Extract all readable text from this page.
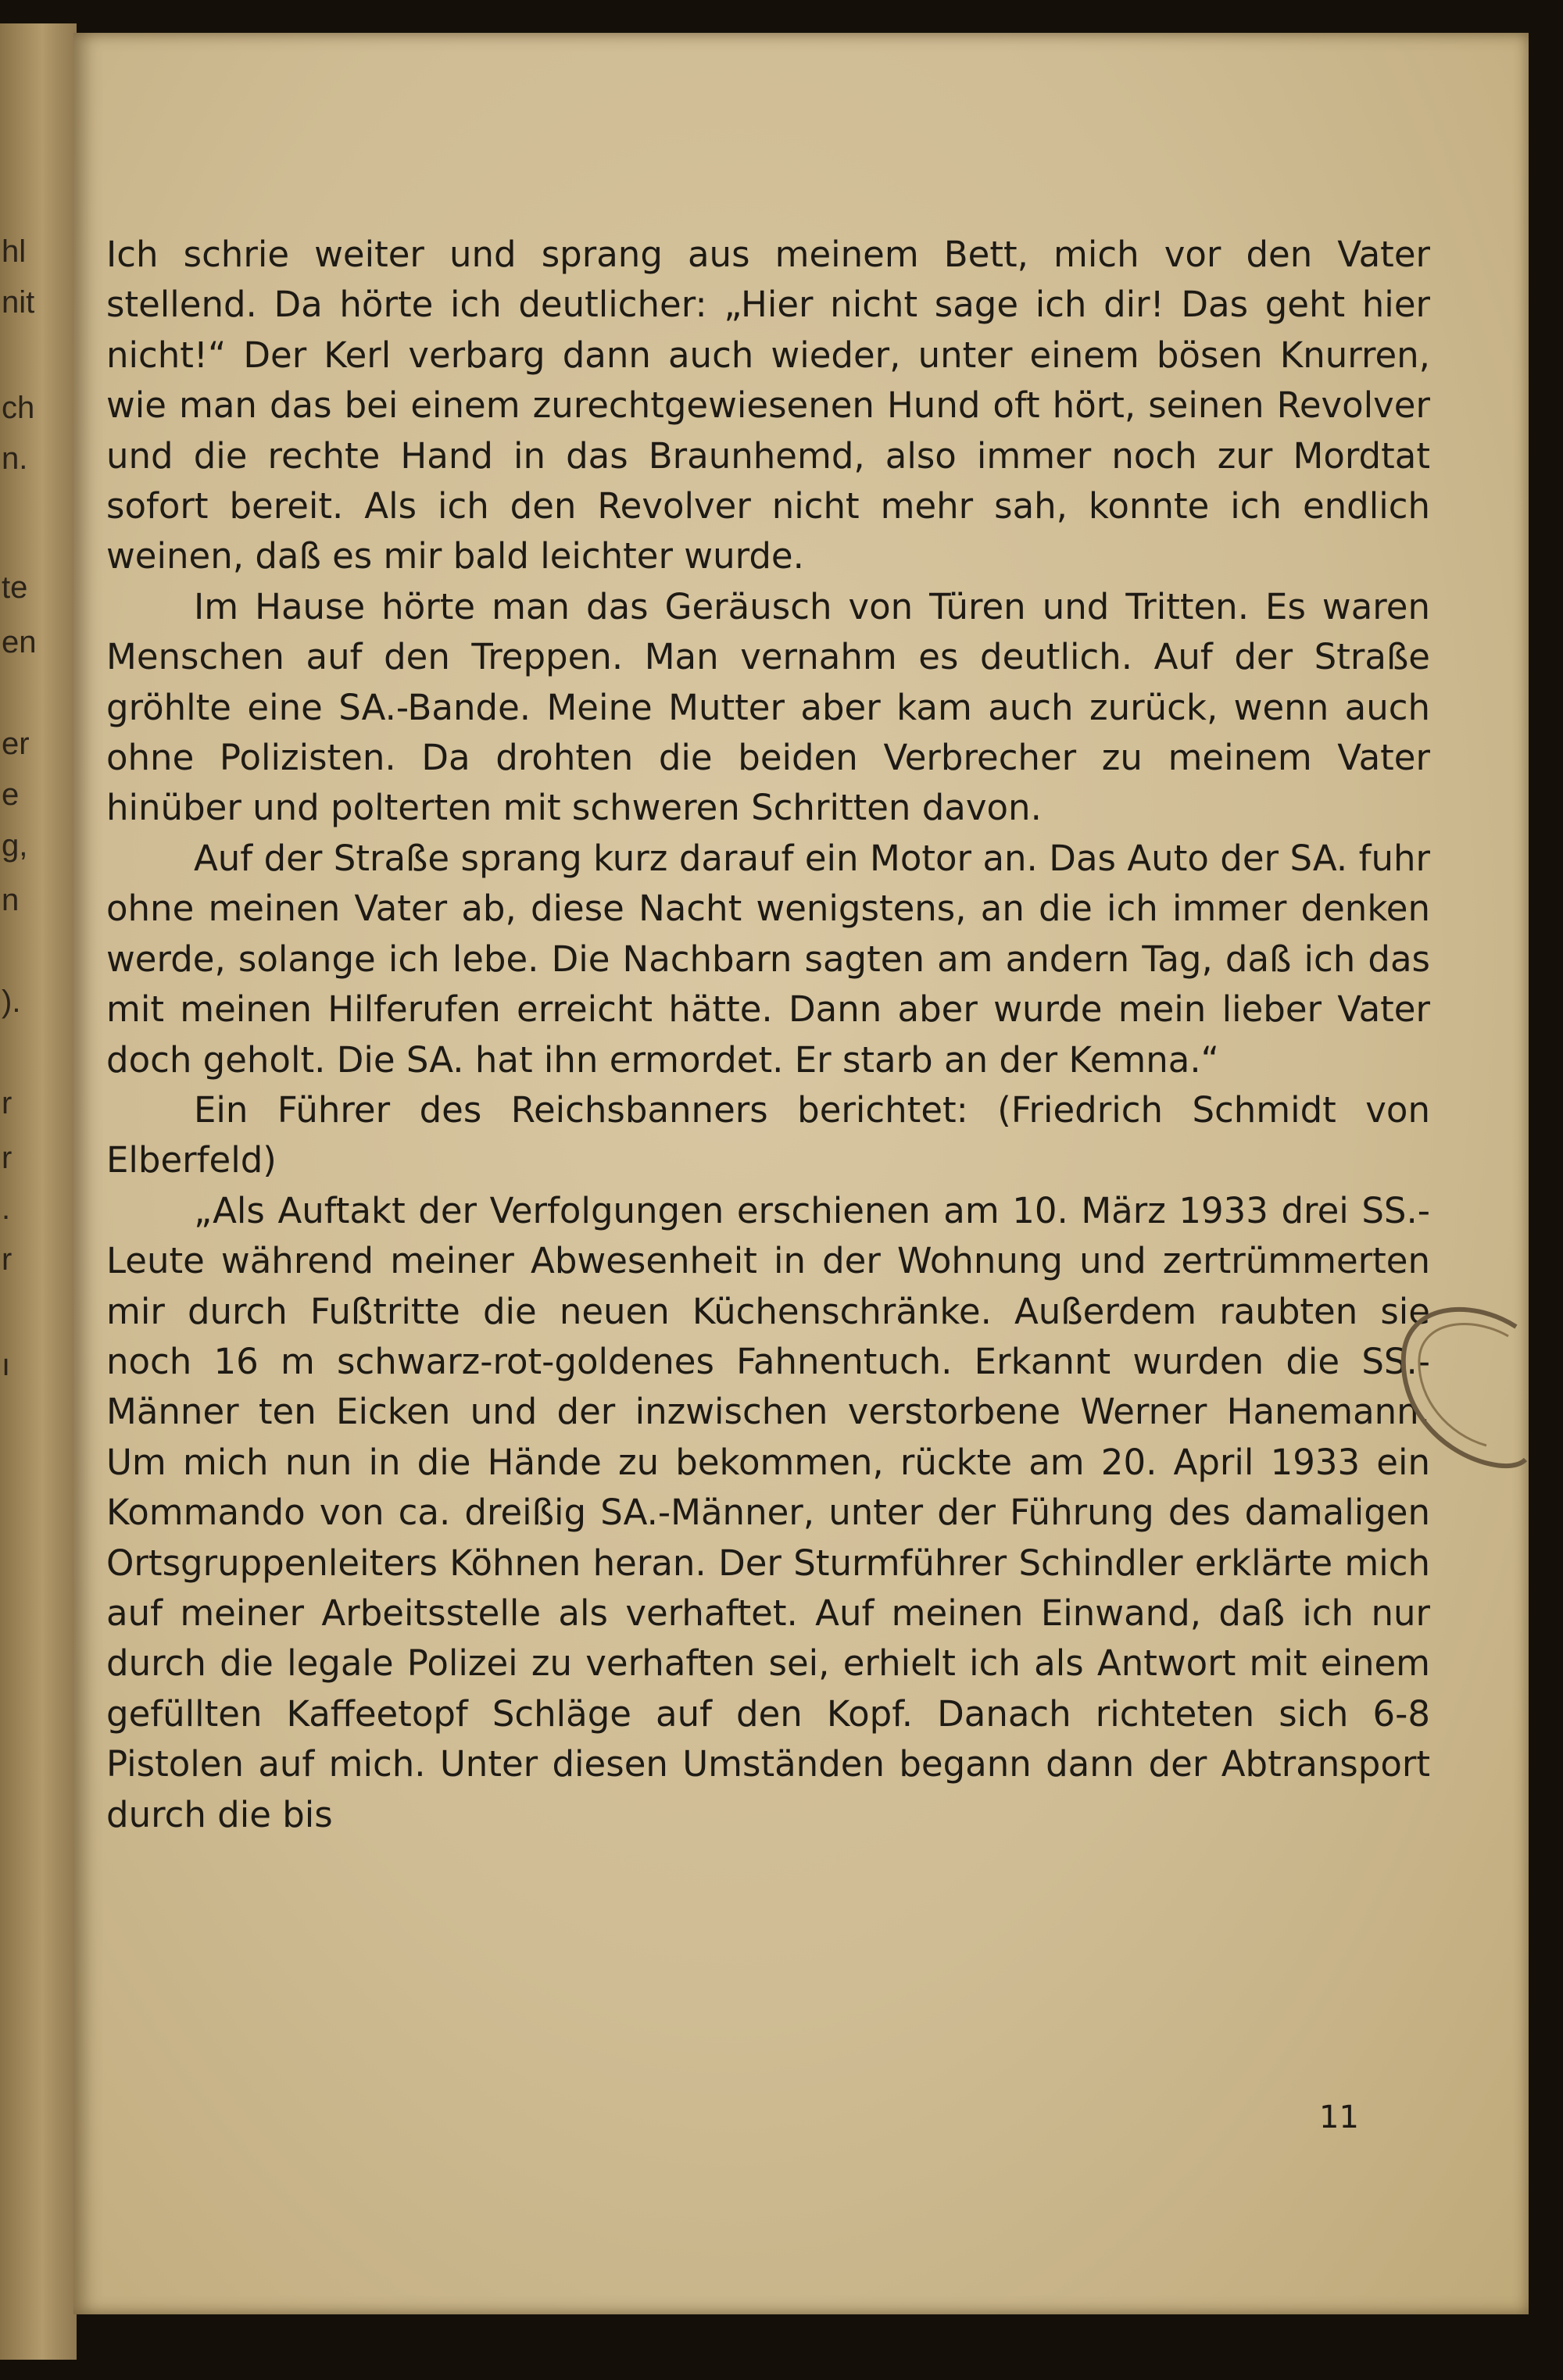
hl
nit
ch
n.
te
en
er
e
g,
n
).
r
r
.
r
ı

Ich schrie weiter und sprang aus meinem Bett, mich vor den Vater stellend. Da hörte ich deutlicher: „Hier nicht sage ich dir! Das geht hier nicht!“ Der Kerl verbarg dann auch wieder, unter einem bösen Knurren, wie man das bei einem zurechtgewiesenen Hund oft hört, seinen Revolver und die rechte Hand in das Braunhemd, also immer noch zur Mordtat sofort bereit. Als ich den Revolver nicht mehr sah, konnte ich endlich weinen, daß es mir bald leichter wurde.

Im Hause hörte man das Geräusch von Türen und Tritten. Es waren Menschen auf den Treppen. Man vernahm es deutlich. Auf der Straße gröhlte eine SA.-Bande. Meine Mutter aber kam auch zurück, wenn auch ohne Polizisten. Da drohten die beiden Verbrecher zu meinem Vater hinüber und polterten mit schweren Schritten davon.

Auf der Straße sprang kurz darauf ein Motor an. Das Auto der SA. fuhr ohne meinen Vater ab, diese Nacht wenigstens, an die ich immer denken werde, solange ich lebe. Die Nachbarn sagten am andern Tag, daß ich das mit meinen Hilferufen erreicht hätte. Dann aber wurde mein lieber Vater doch geholt. Die SA. hat ihn ermordet. Er starb an der Kemna.“

Ein Führer des Reichsbanners berichtet: (Friedrich Schmidt von Elberfeld)

„Als Auftakt der Verfolgungen erschienen am 10. März 1933 drei SS.-Leute während meiner Abwesenheit in der Wohnung und zertrümmerten mir durch Fußtritte die neuen Küchenschränke. Außerdem raubten sie noch 16 m schwarz-rot-goldenes Fahnentuch. Erkannt wurden die SS.-Männer ten Eicken und der inzwischen verstorbene Werner Hanemann. Um mich nun in die Hände zu bekommen, rückte am 20. April 1933 ein Kommando von ca. dreißig SA.-Männer, unter der Führung des damaligen Ortsgruppenleiters Köhnen heran. Der Sturmführer Schindler erklärte mich auf meiner Arbeitsstelle als verhaftet. Auf meinen Einwand, daß ich nur durch die legale Polizei zu verhaften sei, erhielt ich als Antwort mit einem gefüllten Kaffeetopf Schläge auf den Kopf. Danach richteten sich 6-8 Pistolen auf mich. Unter diesen Umständen begann dann der Abtransport durch die bis

11
